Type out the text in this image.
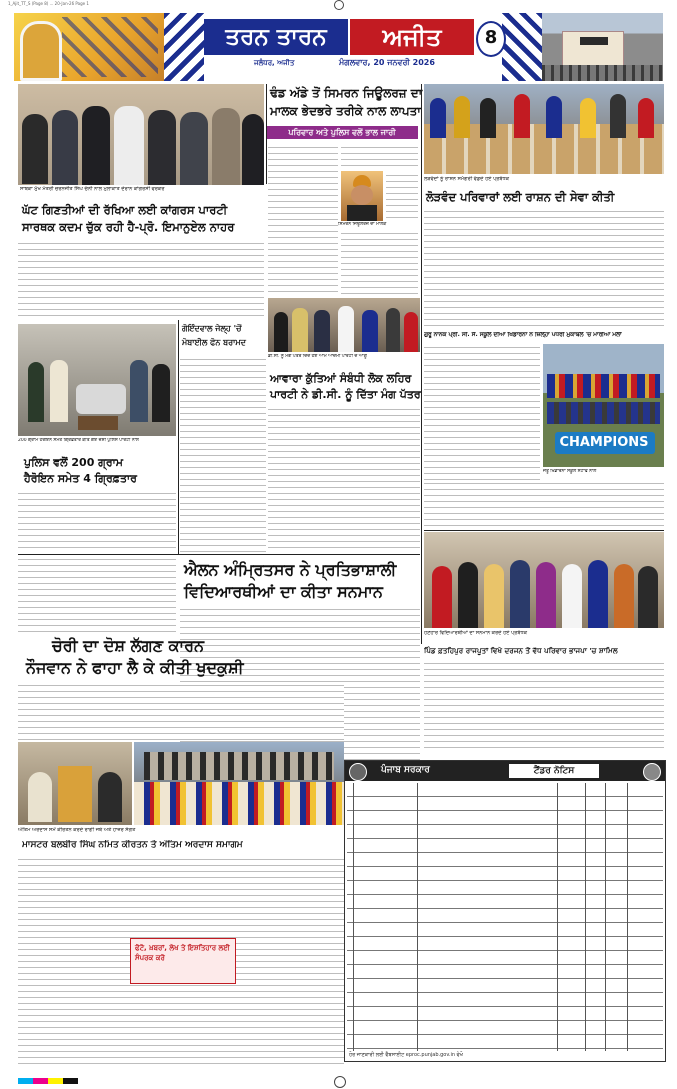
1_Ajit_TT_S (Page 8) ... 20-Jan-26 Page 1
ਤਰਨ ਤਾਰਨ	ਅਜੀਤ	8
ਜਲੰਧਰ, ਅਜੀਤ	ਮੰਗਲਵਾਰ, 20 ਜਨਵਰੀ 2026
ਸਾਬਕਾ ਮੁੱਖ ਮੰਤਰੀ ਚਰਨਜੀਤ ਸਿੰਘ ਚੰਨੀ ਨਾਲ ਮੁਲਾਕਾਤ ਦੌਰਾਨ ਕਾਂਗਰਸੀ ਵਰਕਰ
ਲੋੜਵੰਦਾਂ ਨੂੰ ਰਾਸ਼ਨ ਸਮੱਗਰੀ ਵੰਡਦੇ ਹੋਏ ਪ੍ਰਬੰਧਕ
ਢੰਡ ਅੱਡੇ ਤੋਂ ਸਿਮਰਨ ਜਿਊਲਰਜ਼ ਦਾ
ਮਾਲਕ ਭੇਦਭਰੇ ਤਰੀਕੇ ਨਾਲ ਲਾਪਤਾ
ਪਰਿਵਾਰ ਅਤੇ ਪੁਲਿਸ ਵਲੋਂ ਭਾਲ ਜਾਰੀ
ਸਿਮਰਨ ਜਿਊਲਰਜ਼ ਦਾ ਮਾਲਕ
ਘੱਟ ਗਿਣਤੀਆਂ ਦੀ ਰੱਖਿਆ ਲਈ ਕਾਂਗਰਸ ਪਾਰਟੀ
ਸਾਰਥਕ ਕਦਮ ਚੁੱਕ ਰਹੀ ਹੈ-ਪ੍ਰੋ. ਇਮਾਨੁਏਲ ਨਾਹਰ
ਲੋੜਵੰਦ ਪਰਿਵਾਰਾਂ ਲਈ ਰਾਸ਼ਨ ਦੀ ਸੇਵਾ ਕੀਤੀ
ਡੀ.ਸੀ. ਨੂੰ ਮੰਗ ਪੱਤਰ ਦਿੰਦੇ ਹੋਏ ਆਮ ਆਦਮੀ ਪਾਰਟੀ ਦੇ ਆਗੂ
ਆਵਾਰਾ ਕੁੱਤਿਆਂ ਸੰਬੰਧੀ ਲੋਕ ਲਹਿਰ
ਪਾਰਟੀ ਨੇ ਡੀ.ਸੀ. ਨੂੰ ਦਿੱਤਾ ਮੰਗ ਪੱਤਰ
ਗੋਇੰਦਵਾਲ ਜੇਲ੍ਹ 'ਚੋਂ ਮੋਬਾਈਲ ਫੋਨ ਬਰਾਮਦ
200 ਗ੍ਰਾਮ ਹੈਰੋਇਨ ਸਮੇਤ ਗ੍ਰਿਫ਼ਤਾਰ ਕੀਤੇ ਗਏ ਦੋਸ਼ੀ ਪੁਲਿਸ ਪਾਰਟੀ ਨਾਲ
ਪੁਲਿਸ ਵਲੋਂ 200 ਗ੍ਰਾਮ
ਹੈਰੋਇਨ ਸਮੇਤ 4 ਗ੍ਰਿਫ਼ਤਾਰ
ਗੁਰੂ ਨਾਨਕ ਪ੍ਰੀ. ਸੀ. ਸੈ. ਸਕੂਲ ਦੀਆਂ ਖਿਡਾਰਨਾਂ ਨੇ ਜ਼ਿਲ੍ਹਾ ਪੱਧਰੀ ਮੁਕਾਬਲੇ 'ਚ ਮਾਰੀਆਂ ਮੱਲਾਂ
CHAMPIONS
ਜੇਤੂ ਖਿਡਾਰਨਾਂ ਸਕੂਲ ਸਟਾਫ ਨਾਲ
ਐਲਨ ਅੰਮ੍ਰਿਤਸਰ ਨੇ ਪ੍ਰਤਿਭਾਸ਼ਾਲੀ
ਵਿਦਿਆਰਥੀਆਂ ਦਾ ਕੀਤਾ ਸਨਮਾਨ
ਹੋਣਹਾਰ ਵਿਦਿਆਰਥੀਆਂ ਦਾ ਸਨਮਾਨ ਕਰਦੇ ਹੋਏ ਪ੍ਰਬੰਧਕ
ਪਿੰਡ ਫ਼ਤਹਿਪੁਰ ਰਾਜਪੂਤਾਂ ਵਿਖੇ ਦਰਜਨ ਤੋਂ ਵੱਧ ਪਰਿਵਾਰ ਭਾਜਪਾ 'ਚ ਸ਼ਾਮਿਲ
ਚੋਰੀ ਦਾ ਦੋਸ਼ ਲੱਗਣ ਕਾਰਨ
ਨੌਜਵਾਨ ਨੇ ਫਾਹਾ ਲੈ ਕੇ ਕੀਤੀ ਖੁਦਕੁਸ਼ੀ
ਅੰਤਿਮ ਅਰਦਾਸ ਸਮੇਂ ਕੀਰਤਨ ਕਰਦੇ ਰਾਗੀ ਜਥੇ ਅਤੇ ਹਾਜ਼ਰ ਸੰਗਤ
ਮਾਸਟਰ ਬਲਬੀਰ ਸਿੰਘ ਨਮਿਤ ਕੀਰਤਨ ਤੇ ਅੰਤਿਮ ਅਰਦਾਸ ਸਮਾਗਮ
ਫੋਟੋ, ਖ਼ਬਰਾਂ, ਲੇਖ ਤੇ ਇਸ਼ਤਿਹਾਰ ਲਈ ਸੰਪਰਕ ਕਰੋ
ਪੰਜਾਬ ਸਰਕਾਰ	ਟੈਂਡਰ ਨੋਟਿਸ
ਹੋਰ ਜਾਣਕਾਰੀ ਲਈ ਵੈੱਬਸਾਈਟ eproc.punjab.gov.in ਵੇਖੋ
